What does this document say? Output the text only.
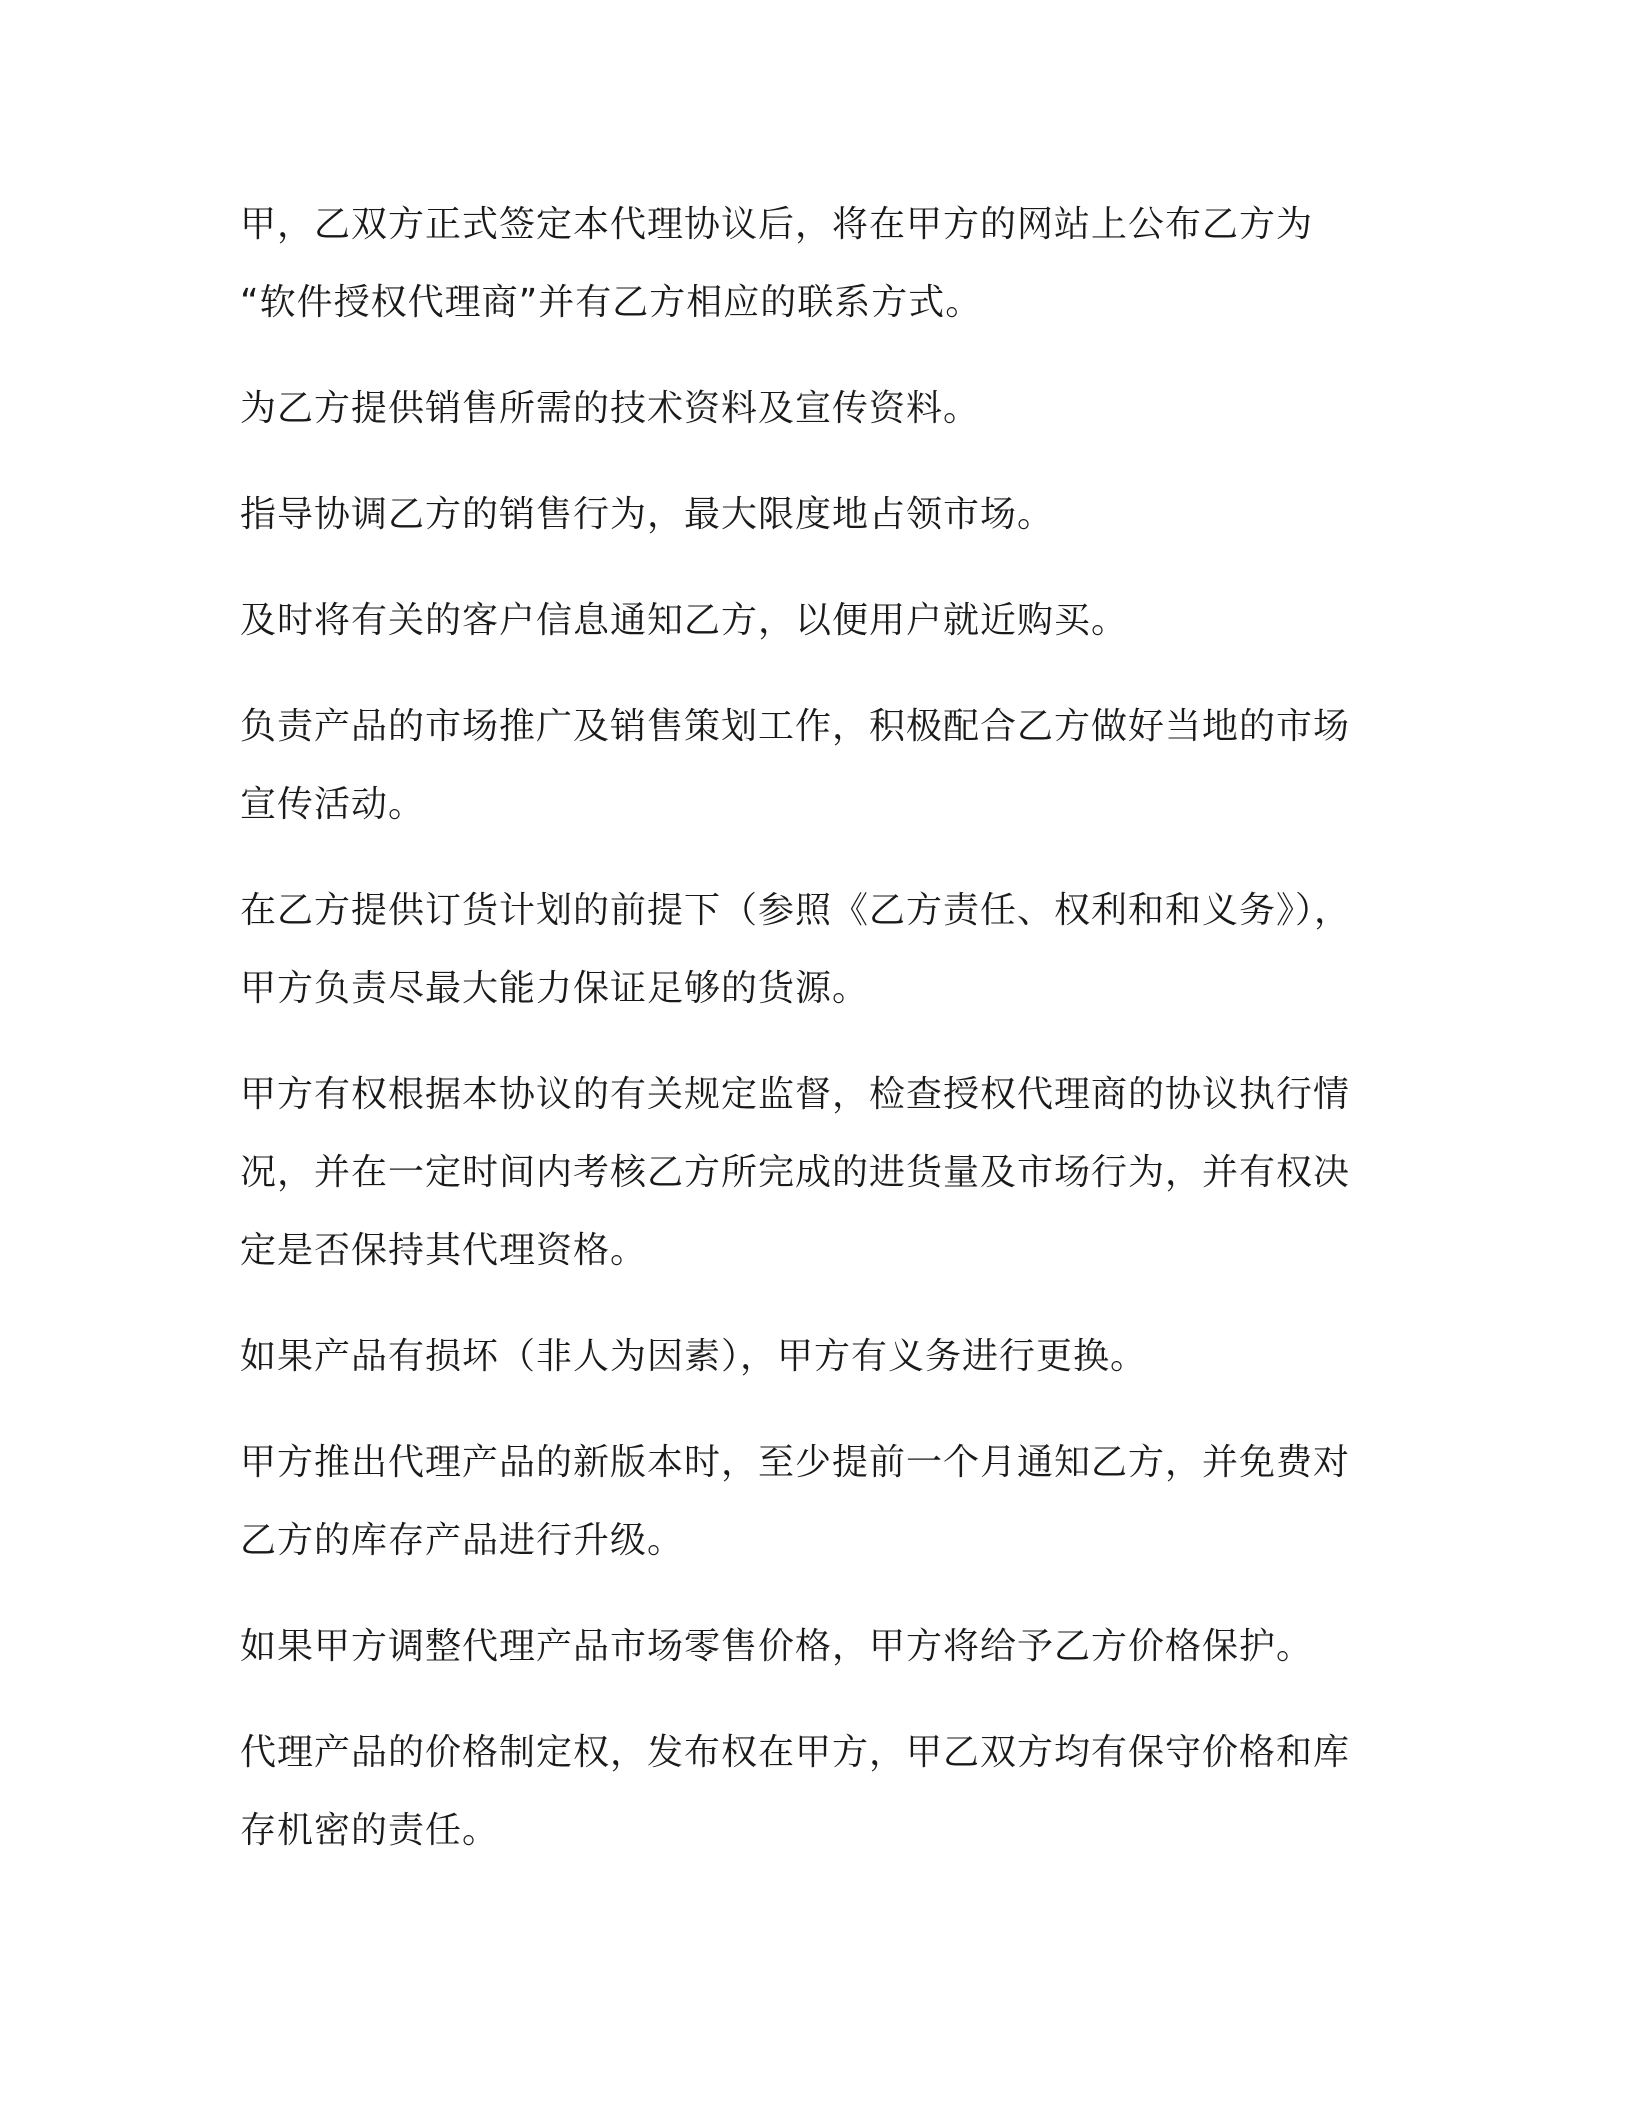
甲，乙双方正式签定本代理协议后，将在甲方的网站上公布乙方为
“软件授权代理商”并有乙方相应的联系方式。

为乙方提供销售所需的技术资料及宣传资料。

指导协调乙方的销售行为，最大限度地占领市场。

及时将有关的客户信息通知乙方，以便用户就近购买。

负责产品的市场推广及销售策划工作，积极配合乙方做好当地的市场
宣传活动。

在乙方提供订货计划的前提下（参照《乙方责任、权利和和义务》），
甲方负责尽最大能力保证足够的货源。

甲方有权根据本协议的有关规定监督，检查授权代理商的协议执行情
况，并在一定时间内考核乙方所完成的进货量及市场行为，并有权决
定是否保持其代理资格。

如果产品有损坏（非人为因素），甲方有义务进行更换。

甲方推出代理产品的新版本时，至少提前一个月通知乙方，并免费对
乙方的库存产品进行升级。

如果甲方调整代理产品市场零售价格，甲方将给予乙方价格保护。

代理产品的价格制定权，发布权在甲方，甲乙双方均有保守价格和库
存机密的责任。
